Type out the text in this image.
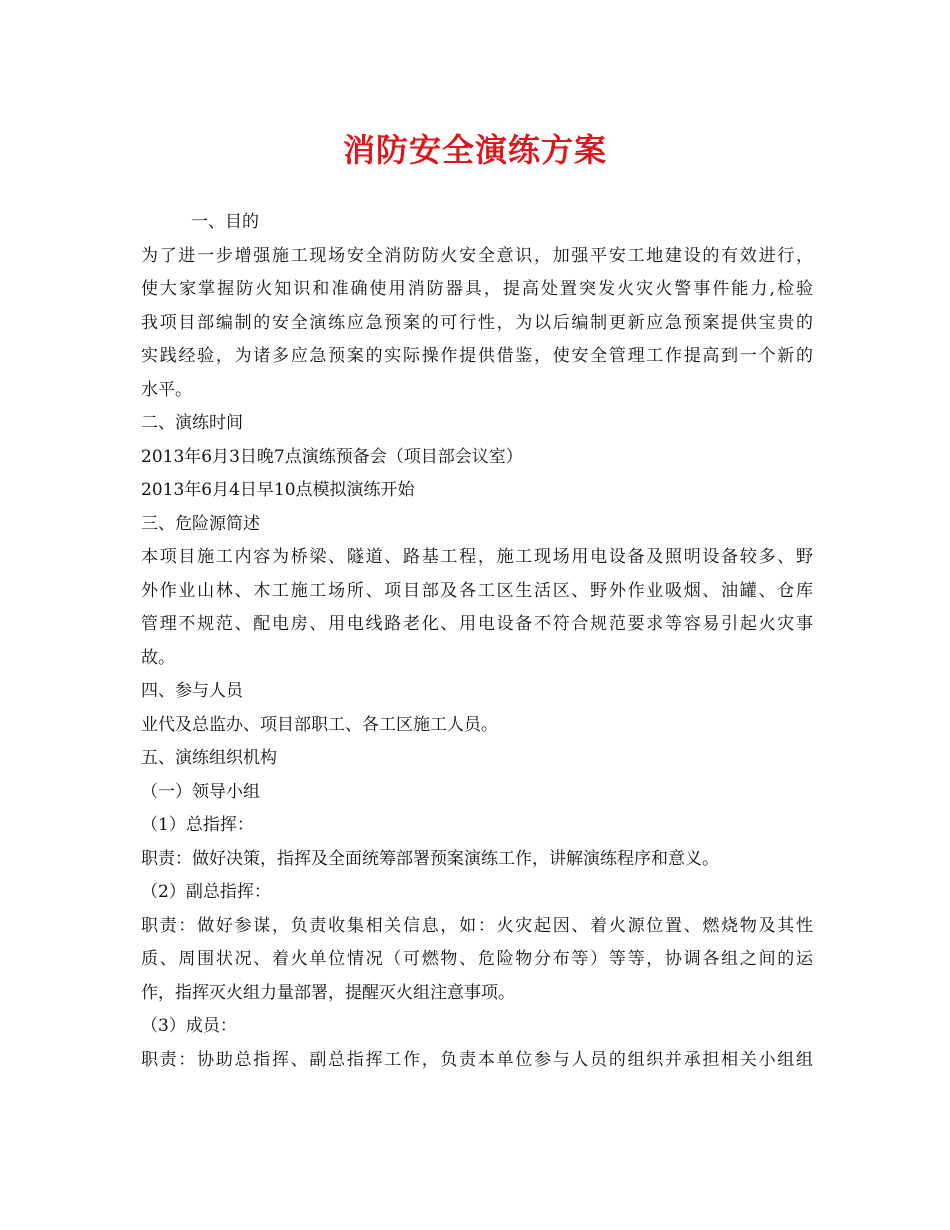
消防安全演练方案

一、目的

为了进一步增强施工现场安全消防防火安全意识，加强平安工地建设的有效进行，

使大家掌握防火知识和准确使用消防器具，提高处置突发火灾火警事件能力,检验

我项目部编制的安全演练应急预案的可行性，为以后编制更新应急预案提供宝贵的

实践经验，为诸多应急预案的实际操作提供借鉴，使安全管理工作提高到一个新的

水平。

二、演练时间

2013年6月3日晚7点演练预备会（项目部会议室）

2013年6月4日早10点模拟演练开始

三、危险源简述

本项目施工内容为桥梁、隧道、路基工程，施工现场用电设备及照明设备较多、野

外作业山林、木工施工场所、项目部及各工区生活区、野外作业吸烟、油罐、仓库

管理不规范、配电房、用电线路老化、用电设备不符合规范要求等容易引起火灾事

故。

四、参与人员

业代及总监办、项目部职工、各工区施工人员。

五、演练组织机构

（一）领导小组

（1）总指挥：

职责：做好决策，指挥及全面统筹部署预案演练工作，讲解演练程序和意义。

（2）副总指挥：

职责：做好参谋，负责收集相关信息，如：火灾起因、着火源位置、燃烧物及其性

质、周围状况、着火单位情况（可燃物、危险物分布等）等等，协调各组之间的运

作，指挥灭火组力量部署，提醒灭火组注意事项。

（3）成员：

职责：协助总指挥、副总指挥工作，负责本单位参与人员的组织并承担相关小组组
